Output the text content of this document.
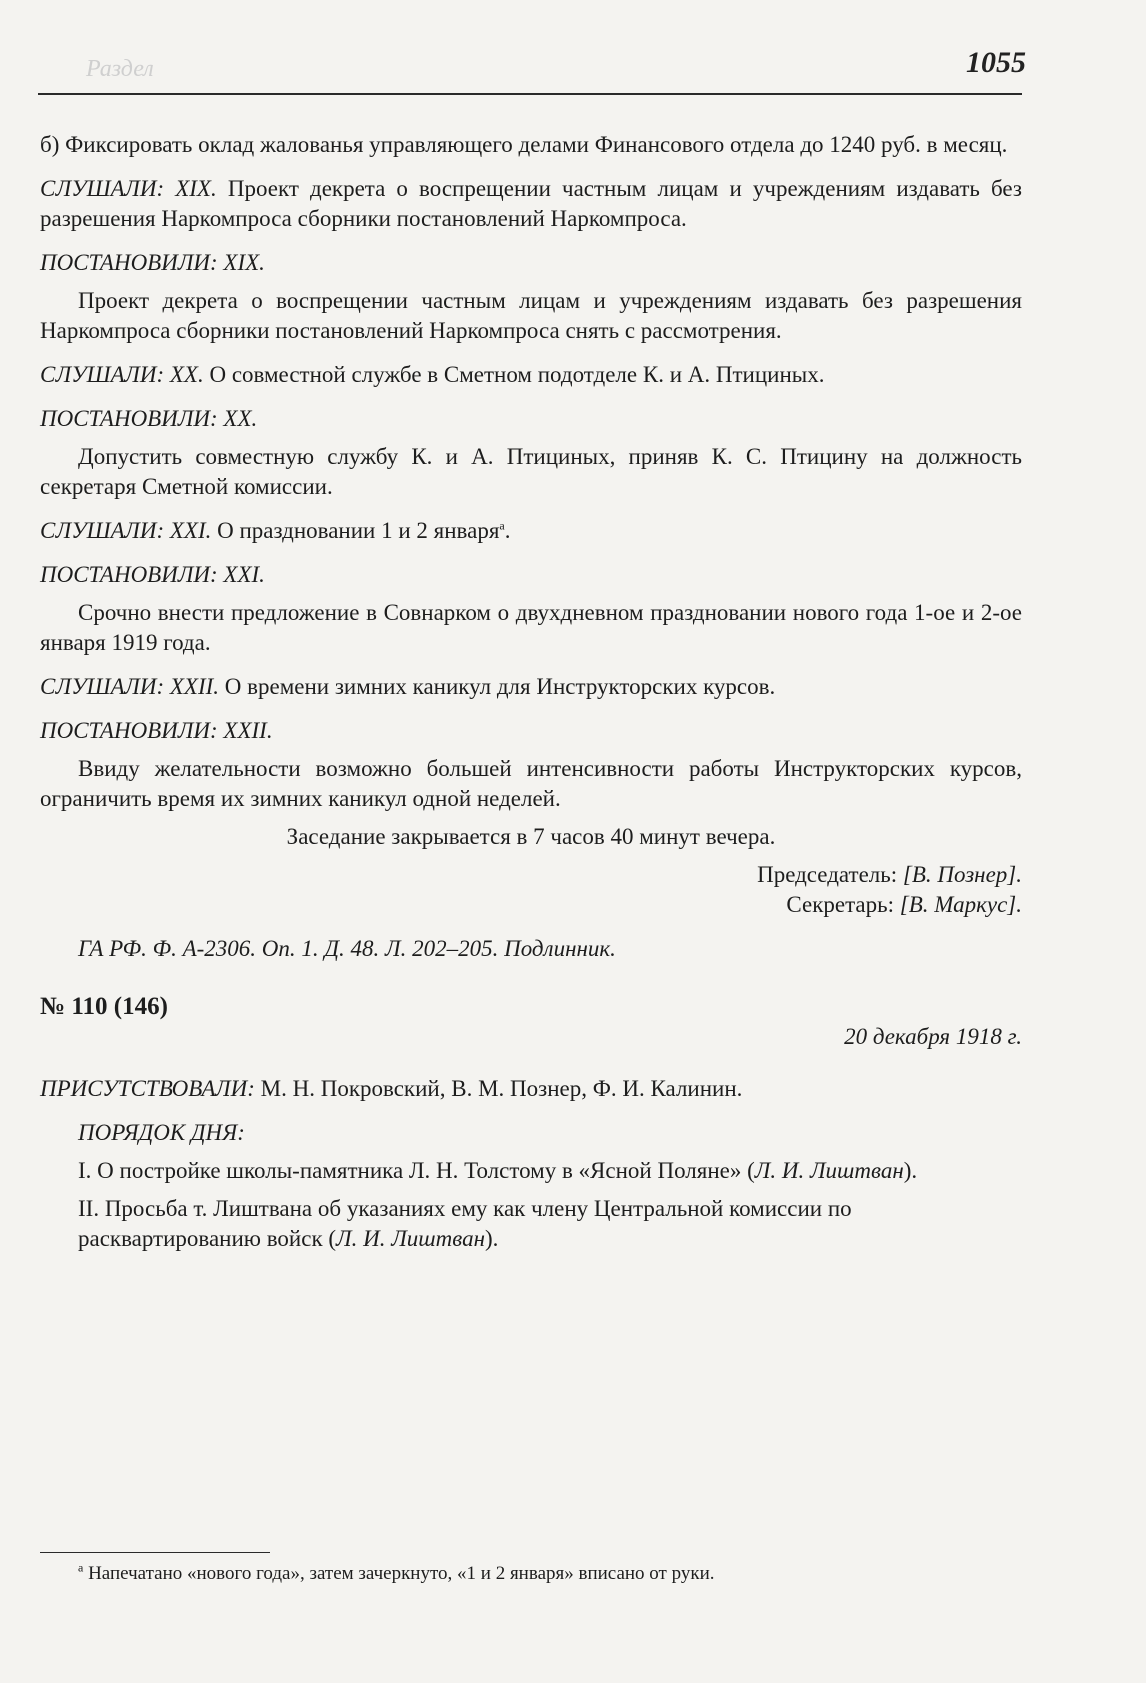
Раздел	1055

б) Фиксировать оклад жалованья управляющего делами Финансового отдела до 1240 руб. в месяц.

СЛУШАЛИ: XIX. Проект декрета о воспрещении частным лицам и учреждениям издавать без разрешения Наркомпроса сборники постановлений Наркомпроса.

ПОСТАНОВИЛИ: XIX.

Проект декрета о воспрещении частным лицам и учреждениям издавать без разрешения Наркомпроса сборники постановлений Наркомпроса снять с рассмотрения.

СЛУШАЛИ: XX. О совместной службе в Сметном подотделе К. и А. Птициных.

ПОСТАНОВИЛИ: XX.

Допустить совместную службу К. и А. Птициных, приняв К. С. Птицину на должность секретаря Сметной комиссии.

СЛУШАЛИ: XXI. О праздновании 1 и 2 января$^а$.

ПОСТАНОВИЛИ: XXI.

Срочно внести предложение в Совнарком о двухдневном праздновании нового года 1-ое и 2-ое января 1919 года.

СЛУШАЛИ: XXII. О времени зимних каникул для Инструкторских курсов.

ПОСТАНОВИЛИ: XXII.

Ввиду желательности возможно большей интенсивности работы Инструкторских курсов, ограничить время их зимних каникул одной неделей.

Заседание закрывается в 7 часов 40 минут вечера.

Председатель: [В. Познер].

Секретарь: [В. Маркус].

ГА РФ. Ф. А-2306. Оп. 1. Д. 48. Л. 202–205. Подлинник.

№ 110 (146)

20 декабря 1918 г.

ПРИСУТСТВОВАЛИ: М. Н. Покровский, В. М. Познер, Ф. И. Калинин.

ПОРЯДОК ДНЯ:

I. О постройке школы-памятника Л. Н. Толстому в «Ясной Поляне» (Л. И. Лиштван).

II. Просьба т. Лиштвана об указаниях ему как члену Центральной комиссии по расквартированию войск (Л. И. Лиштван).

$^а$ Напечатано «нового года», затем зачеркнуто, «1 и 2 января» вписано от руки.
